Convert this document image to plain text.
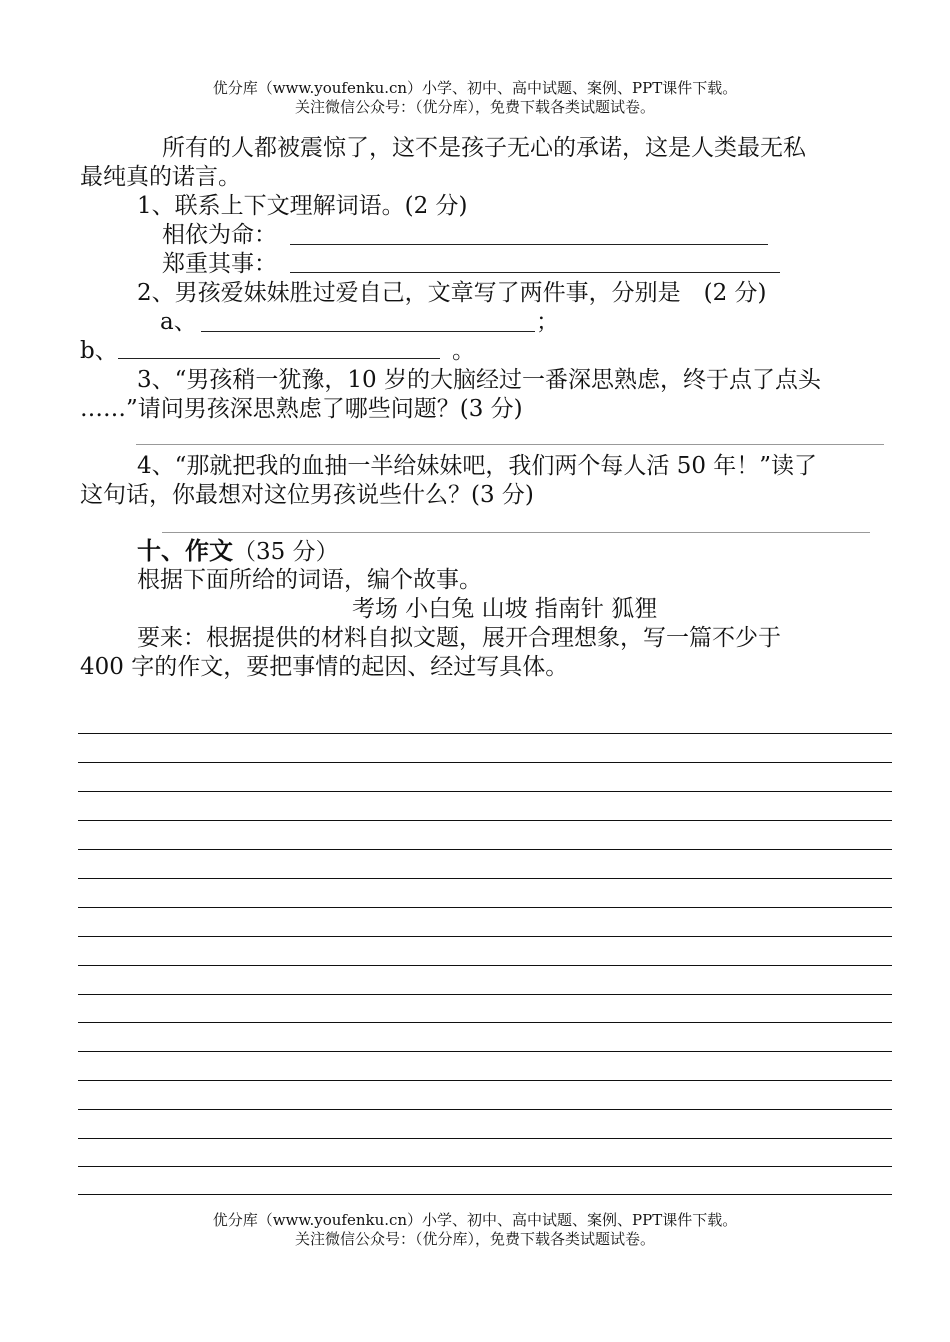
优分库（www.youfenku.cn）小学、初中、高中试题、案例、PPT课件下载。
关注微信公众号：（优分库），免费下载各类试题试卷。
所有的人都被震惊了，这不是孩子无心的承诺，这是人类最无私
最纯真的诺言。
1、联系上下文理解词语。(2 分)
相依为命：
郑重其事：
2、男孩爱妹妹胜过爱自己，文章写了两件事，分别是　(2 分)
a、	；
b、	。
3、“男孩稍一犹豫，10 岁的大脑经过一番深思熟虑，终于点了点头
……”请问男孩深思熟虑了哪些问题？(3 分)
4、“那就把我的血抽一半给妹妹吧，我们两个每人活 50 年！”读了
这句话，你最想对这位男孩说些什么？(3 分)
十、作文（35 分）
根据下面所给的词语，编个故事。
考场 小白兔 山坡 指南针 狐狸
要来：根据提供的材料自拟文题，展开合理想象，写一篇不少于
400 字的作文，要把事情的起因、经过写具体。
优分库（www.youfenku.cn）小学、初中、高中试题、案例、PPT课件下载。
关注微信公众号：（优分库），免费下载各类试题试卷。
